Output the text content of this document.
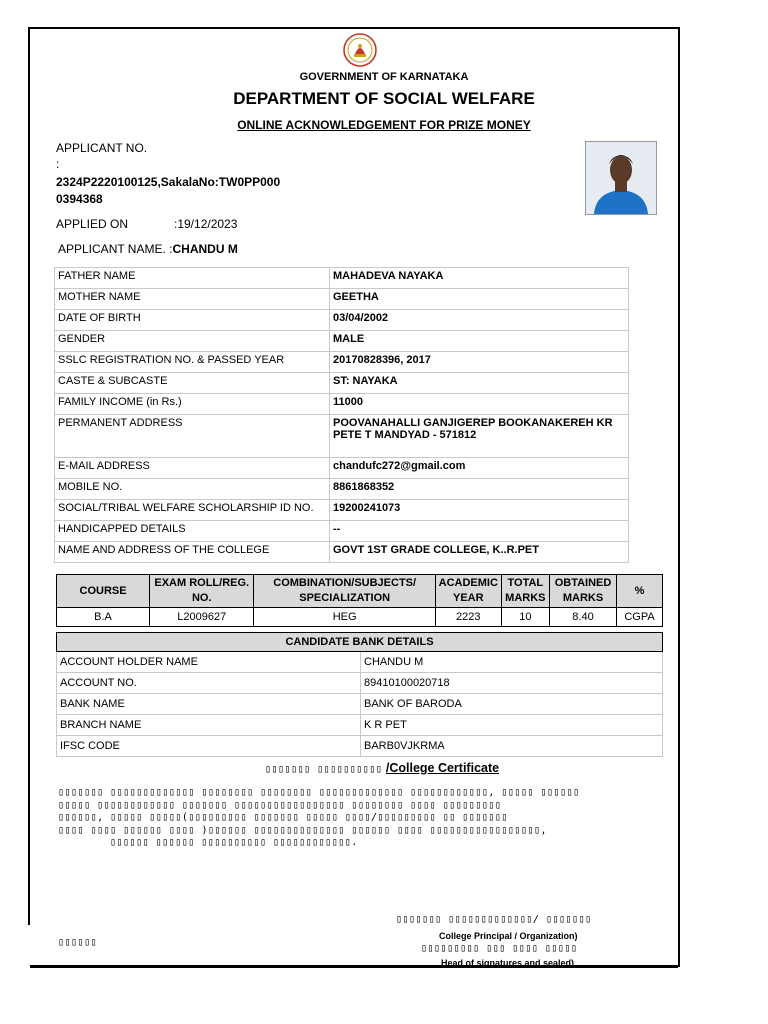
GOVERNMENT OF KARNATAKA
DEPARTMENT OF SOCIAL WELFARE
ONLINE ACKNOWLEDGEMENT FOR PRIZE MONEY
APPLICANT NO.
:
2324P2220100125,SakalaNo:TW0PP000 0394368
APPLIED ON	:19/12/2023
APPLICANT NAME. :CHANDU M
FATHER NAME	MAHADEVA NAYAKA
MOTHER NAME	GEETHA
DATE OF BIRTH	03/04/2002
GENDER	MALE
SSLC REGISTRATION NO. & PASSED YEAR	20170828396, 2017
CASTE & SUBCASTE	ST: NAYAKA
FAMILY INCOME (in Rs.)	11000
PERMANENT ADDRESS	POOVANAHALLI GANJIGEREP BOOKANAKEREH KR PETE T MANDYAD - 571812
E-MAIL ADDRESS	chandufc272@gmail.com
MOBILE NO.	8861868352
SOCIAL/TRIBAL WELFARE SCHOLARSHIP ID NO.	19200241073
HANDICAPPED DETAILS	--
NAME AND ADDRESS OF THE COLLEGE	GOVT 1ST GRADE COLLEGE, K..R.PET
COURSE	EXAM ROLL/REG. NO.	COMBINATION/SUBJECTS/ SPECIALIZATION	ACADEMIC YEAR	TOTAL MARKS	OBTAINED MARKS	%
B.A	L2009627	HEG	2223	10	8.40	CGPA
CANDIDATE BANK DETAILS	
ACCOUNT HOLDER NAME	CHANDU M
ACCOUNT NO.	89410100020718
BANK NAME	BANK OF BARODA
BRANCH NAME	K R PET
IFSC CODE	BARB0VJKRMA
▯▯▯▯▯▯▯ ▯▯▯▯▯▯▯▯▯▯ /College Certificate
▯▯▯▯▯▯▯ ▯▯▯▯▯▯▯▯▯▯▯▯▯ ▯▯▯▯▯▯▯▯ ▯▯▯▯▯▯▯▯ ▯▯▯▯▯▯▯▯▯▯▯▯▯ ▯▯▯▯▯▯▯▯▯▯▯▯, ▯▯▯▯▯ ▯▯▯▯▯▯
▯▯▯▯▯ ▯▯▯▯▯▯▯▯▯▯▯▯ ▯▯▯▯▯▯▯ ▯▯▯▯▯▯▯▯▯▯▯▯▯▯▯▯▯ ▯▯▯▯▯▯▯▯ ▯▯▯▯ ▯▯▯▯▯▯▯▯▯
▯▯▯▯▯▯, ▯▯▯▯▯ ▯▯▯▯▯(▯▯▯▯▯▯▯▯▯ ▯▯▯▯▯▯▯ ▯▯▯▯▯ ▯▯▯▯/▯▯▯▯▯▯▯▯▯ ▯▯ ▯▯▯▯▯▯▯
▯▯▯▯ ▯▯▯▯ ▯▯▯▯▯▯ ▯▯▯▯ )▯▯▯▯▯▯ ▯▯▯▯▯▯▯▯▯▯▯▯▯▯ ▯▯▯▯▯▯ ▯▯▯▯ ▯▯▯▯▯▯▯▯▯▯▯▯▯▯▯▯▯,
▯▯▯▯▯▯ ▯▯▯▯▯▯ ▯▯▯▯▯▯▯▯▯▯ ▯▯▯▯▯▯▯▯▯▯▯▯.
▯▯▯▯▯▯▯ ▯▯▯▯▯▯▯▯▯▯▯▯▯/ ▯▯▯▯▯▯▯
College Principal / Organization)
▯▯▯▯▯▯▯▯▯ ▯▯▯ ▯▯▯▯ ▯▯▯▯▯
Head of signatures and sealed)
▯▯▯▯▯▯
